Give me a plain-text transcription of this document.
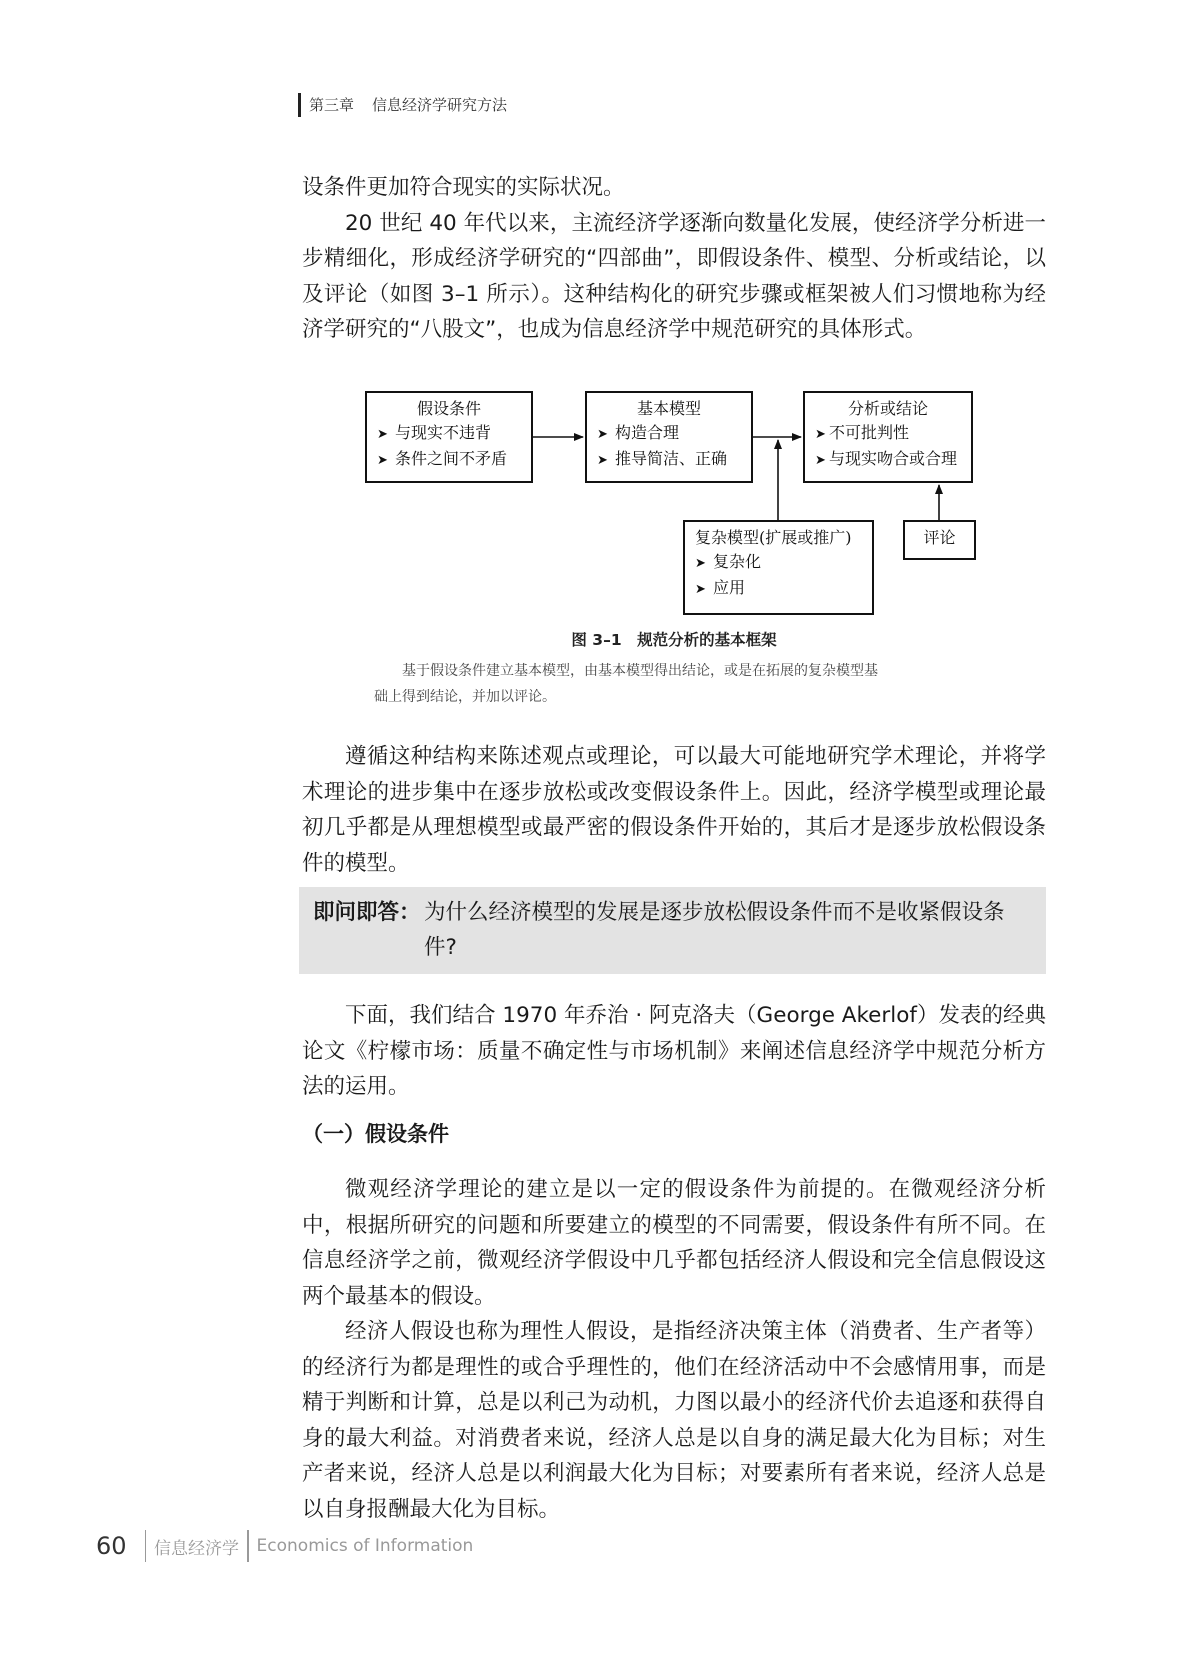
第三章 信息经济学研究方法

设条件更加符合现实的实际状况。

20 世纪 40 年代以来，主流经济学逐渐向数量化发展，使经济学分析进一步精细化，形成经济学研究的“四部曲”，即假设条件、模型、分析或结论，以及评论（如图 3–1 所示）。这种结构化的研究步骤或框架被人们习惯地称为经济学研究的“八股文”，也成为信息经济学中规范研究的具体形式。

假设条件
➤ 与现实不违背
➤ 条件之间不矛盾
基本模型
➤ 构造合理
➤ 推导简洁、正确
分析或结论
➤ 不可批判性
➤ 与现实吻合或合理
复杂模型(扩展或推广)
➤ 复杂化
➤ 应用
评论
图 3–1　规范分析的基本框架
基于假设条件建立基本模型，由基本模型得出结论，或是在拓展的复杂模型基
础上得到结论，并加以评论。

遵循这种结构来陈述观点或理论，可以最大可能地研究学术理论，并将学术理论的进步集中在逐步放松或改变假设条件上。因此，经济学模型或理论最初几乎都是从理想模型或最严密的假设条件开始的，其后才是逐步放松假设条件的模型。

即问即答： 为什么经济模型的发展是逐步放松假设条件而不是收紧假设条件?

下面，我们结合 1970 年乔治 · 阿克洛夫（George Akerlof）发表的经典论文《柠檬市场：质量不确定性与市场机制》来阐述信息经济学中规范分析方法的运用。

（一）假设条件

微观经济学理论的建立是以一定的假设条件为前提的。在微观经济分析中，根据所研究的问题和所要建立的模型的不同需要，假设条件有所不同。在信息经济学之前，微观经济学假设中几乎都包括经济人假设和完全信息假设这两个最基本的假设。

经济人假设也称为理性人假设，是指经济决策主体（消费者、生产者等）的经济行为都是理性的或合乎理性的，他们在经济活动中不会感情用事，而是精于判断和计算，总是以利己为动机，力图以最小的经济代价去追逐和获得自身的最大利益。对消费者来说，经济人总是以自身的满足最大化为目标；对生产者来说，经济人总是以利润最大化为目标；对要素所有者来说，经济人总是以自身报酬最大化为目标。

60	信息经济学 Economics of Information
